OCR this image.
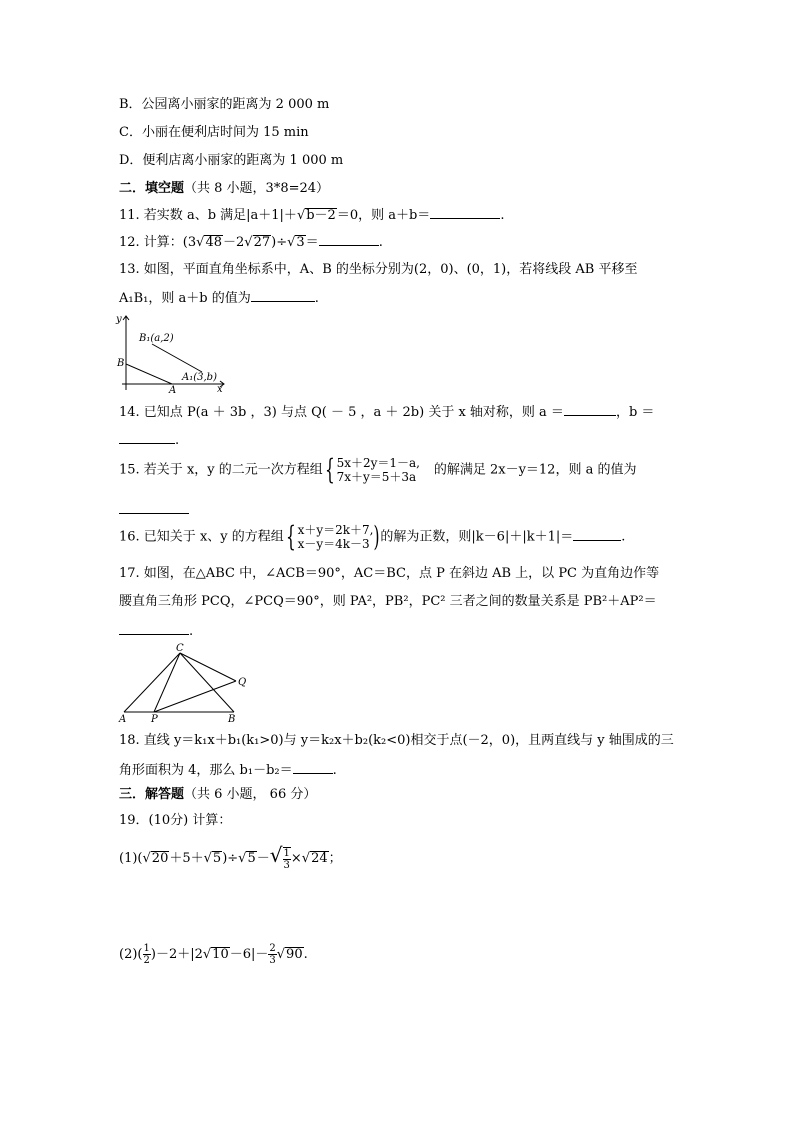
B．公园离小丽家的距离为 2 000 m
C．小丽在便利店时间为 15 min
D．便利店离小丽家的距离为 1 000 m
二．填空题（共 8 小题，3*8=24）
11. 若实数 a、b 满足|a＋1|＋√b－2＝0，则 a＋b＝	.
12. 计算：(3√48－2√27)÷√3＝	.
13. 如图，平面直角坐标系中，A、B 的坐标分别为(2，0)、(0，1)，若将线段 AB 平移至
A₁B₁，则 a＋b 的值为	.
y
x
B
A
B₁(a,2)
A₁(3,b)
14. 已知点 P(a ＋ 3b ，3) 与点 Q( － 5 ，a ＋ 2b) 关于 x 轴对称，则 a ＝	，b ＝
.
15. 若关于 x，y 的二元一次方程组{ 5x＋2y＝1－a,
7x＋y＝5＋3a 的解满足 2x－y＝12，则 a 的值为
16. 已知关于 x、y 的方程组{ x＋y＝2k＋7,
x－y＝4k－3 )的解为正数，则|k－6|＋|k＋1|＝	.
17. 如图，在△ABC 中，∠ACB＝90°，AC＝BC，点 P 在斜边 AB 上，以 PC 为直角边作等
腰直角三角形 PCQ，∠PCQ＝90°，则 PA²，PB²，PC² 三者之间的数量关系是 PB²＋AP²＝
.
C
Q
A P	B
18. 直线 y＝k₁x＋b₁(k₁>0)与 y＝k₂x＋b₂(k₂<0)相交于点(－2，0)，且两直线与 y 轴围成的三
角形面积为 4，那么 b₁－b₂＝	.
三．解答题（共 6 小题， 66 分）
19．(10分) 计算：
$(1)(√20+5+√5)\div√5-√ \frac{1}{3} \times√24$；
$(2)( \frac{1}{2} )-2+|2√10-6|- \frac{2}{3} √90$.
